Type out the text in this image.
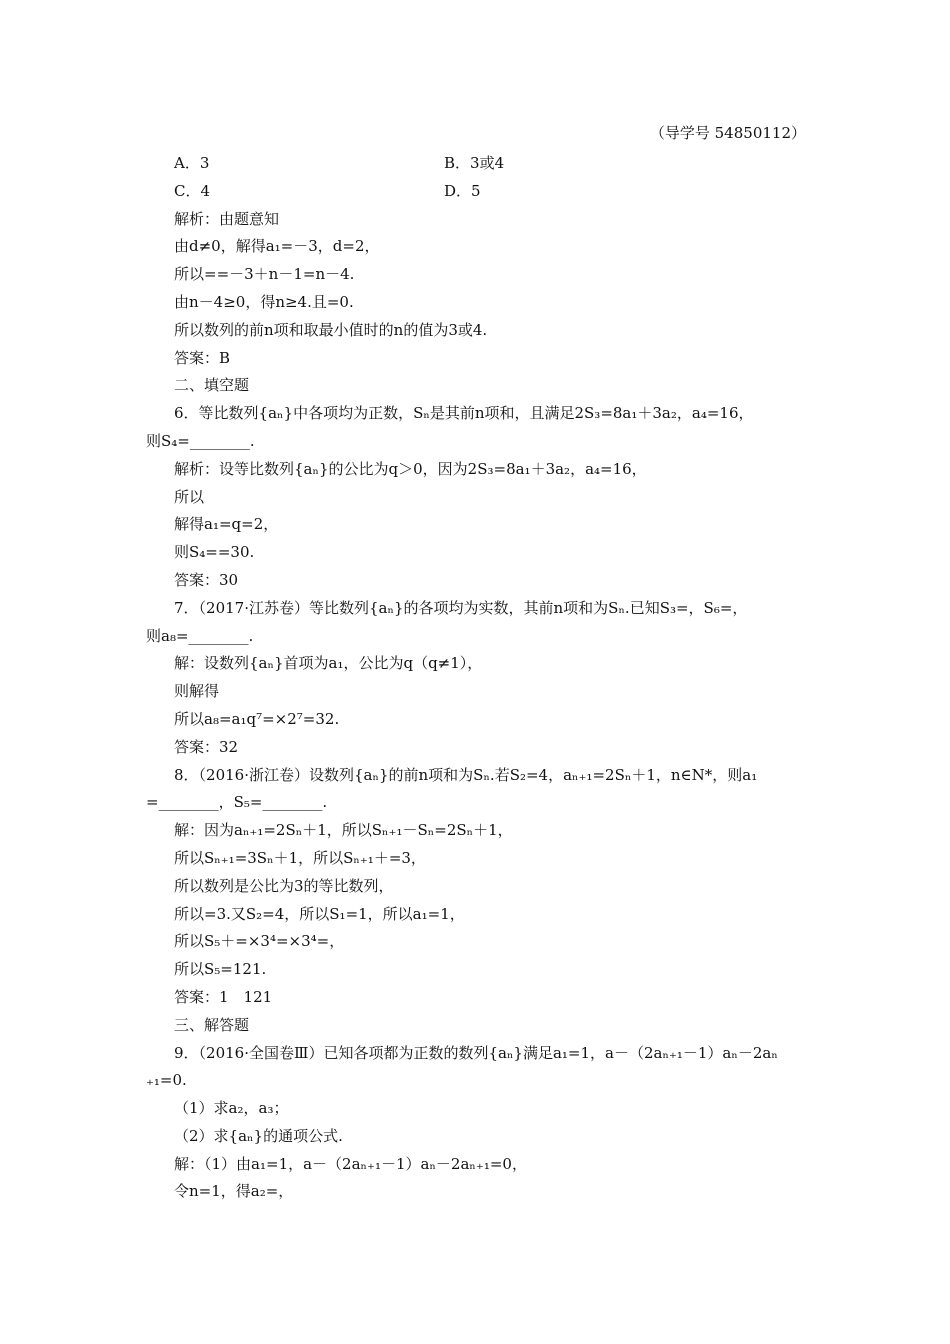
（导学号 54850112）
A．3	B．3或4
C．4	D．5
解析：由题意知
由d≠0，解得a₁=－3，d=2，
所以==－3＋n－1=n－4.
由n－4≥0，得n≥4.且=0.
所以数列的前n项和取最小值时的n的值为3或4.
答案：B
二、填空题
6．等比数列{aₙ}中各项均为正数，Sₙ是其前n项和，且满足2S₃=8a₁＋3a₂，a₄=16，
则S₄=________.
解析：设等比数列{aₙ}的公比为q＞0，因为2S₃=8a₁＋3a₂，a₄=16，
所以
解得a₁=q=2，
则S₄==30.
答案：30
7．（2017·江苏卷）等比数列{aₙ}的各项均为实数，其前n项和为Sₙ.已知S₃=，S₆=，
则a₈=________.
解：设数列{aₙ}首项为a₁，公比为q（q≠1），
则解得
所以a₈=a₁q⁷=×2⁷=32.
答案：32
8．（2016·浙江卷）设数列{aₙ}的前n项和为Sₙ.若S₂=4，aₙ₊₁=2Sₙ＋1，n∈N*，则a₁
=________，S₅=________.
解：因为aₙ₊₁=2Sₙ＋1，所以Sₙ₊₁－Sₙ=2Sₙ＋1，
所以Sₙ₊₁=3Sₙ＋1，所以Sₙ₊₁＋=3，
所以数列是公比为3的等比数列，
所以=3.又S₂=4，所以S₁=1，所以a₁=1，
所以S₅＋=×3⁴=×3⁴=，
所以S₅=121.
答案：1　121
三、解答题
9．（2016·全国卷Ⅲ）已知各项都为正数的数列{aₙ}满足a₁=1，a－（2aₙ₊₁－1）aₙ－2aₙ
₊₁=0.
（1）求a₂，a₃；
（2）求{aₙ}的通项公式.
解：（1）由a₁=1，a－（2aₙ₊₁－1）aₙ－2aₙ₊₁=0，
令n=1，得a₂=，
